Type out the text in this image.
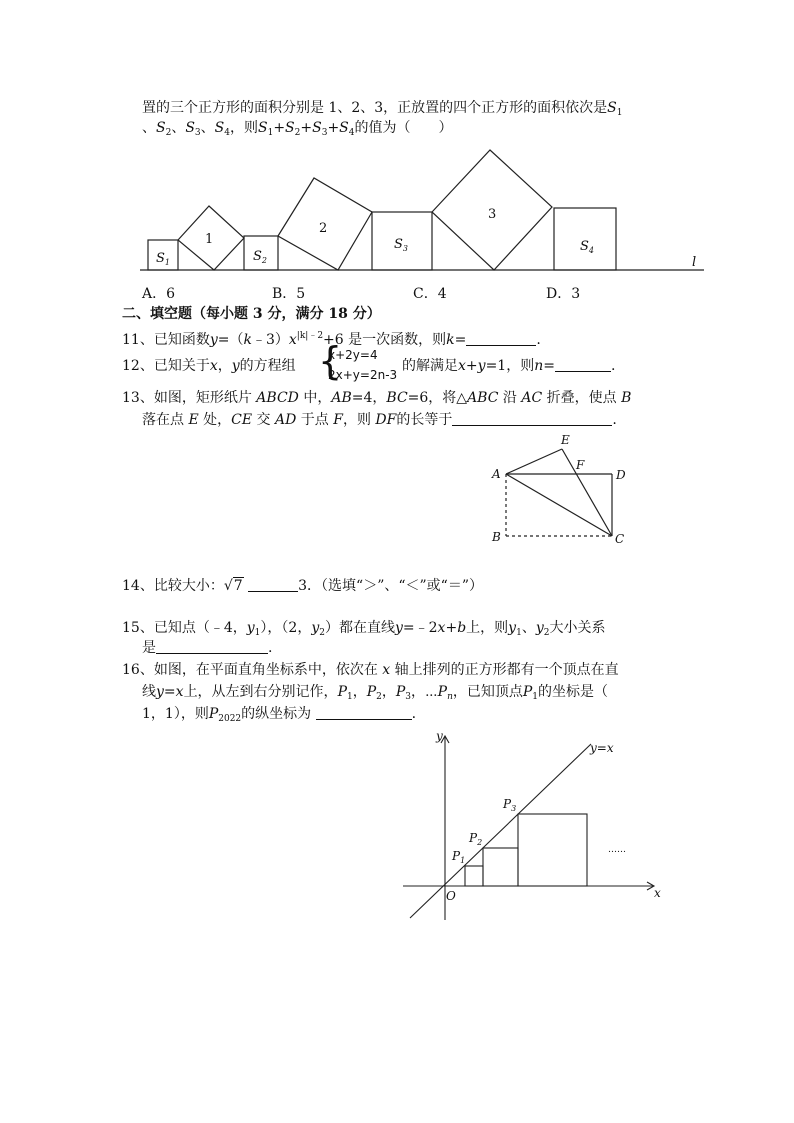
置的三个正方形的面积分别是 1、2、3，正放置的四个正方形的面积依次是$S_1$
、$S_2$、$S_3$、$S_4$，则$S_1+S_2+S_3+S_4$的值为（　　）
$S_1$
1
$S_2$
2
$S_3$
3
$S_4$
l
A．6	B．5	C．4	D．3
二、填空题（每小题 3 分，满分 18 分）
11、已知函数$y=(k﹣3)x^{|k|﹣2}+6$ 是一次函数，则k=	.
12、已知关于x，y的方程组 {
x+2y=4
2x+y=2n-3
的解满足x+y=1，则n=	.
13、如图，矩形纸片 ABCD 中，AB=4，BC=6，将△ABC 沿 AC 折叠，使点 B
落在点 E 处，CE 交 AD 于点 F，则 DF的长等于	.
E
F
D
A
B	C
14、比较大小：√7	3．（选填“＞”、“＜”或“＝”）
15、已知点（﹣4，$y_1$），（2，$y_2$）都在直线y=﹣2x+b上，则$y_1$、$y_2$大小关系
是	.
16、如图，在平面直角坐标系中，依次在 x 轴上排列的正方形都有一个顶点在直
线y=x上，从左到右分别记作，$P_1$，$P_2$，$P_3$，$\cdots P_n$，已知顶点$P_1$的坐标是（
1，1），则$P_{2022}$的纵坐标为	.
y
x
O
y=x
$P_1$
$P_2$
$P_3$
……
